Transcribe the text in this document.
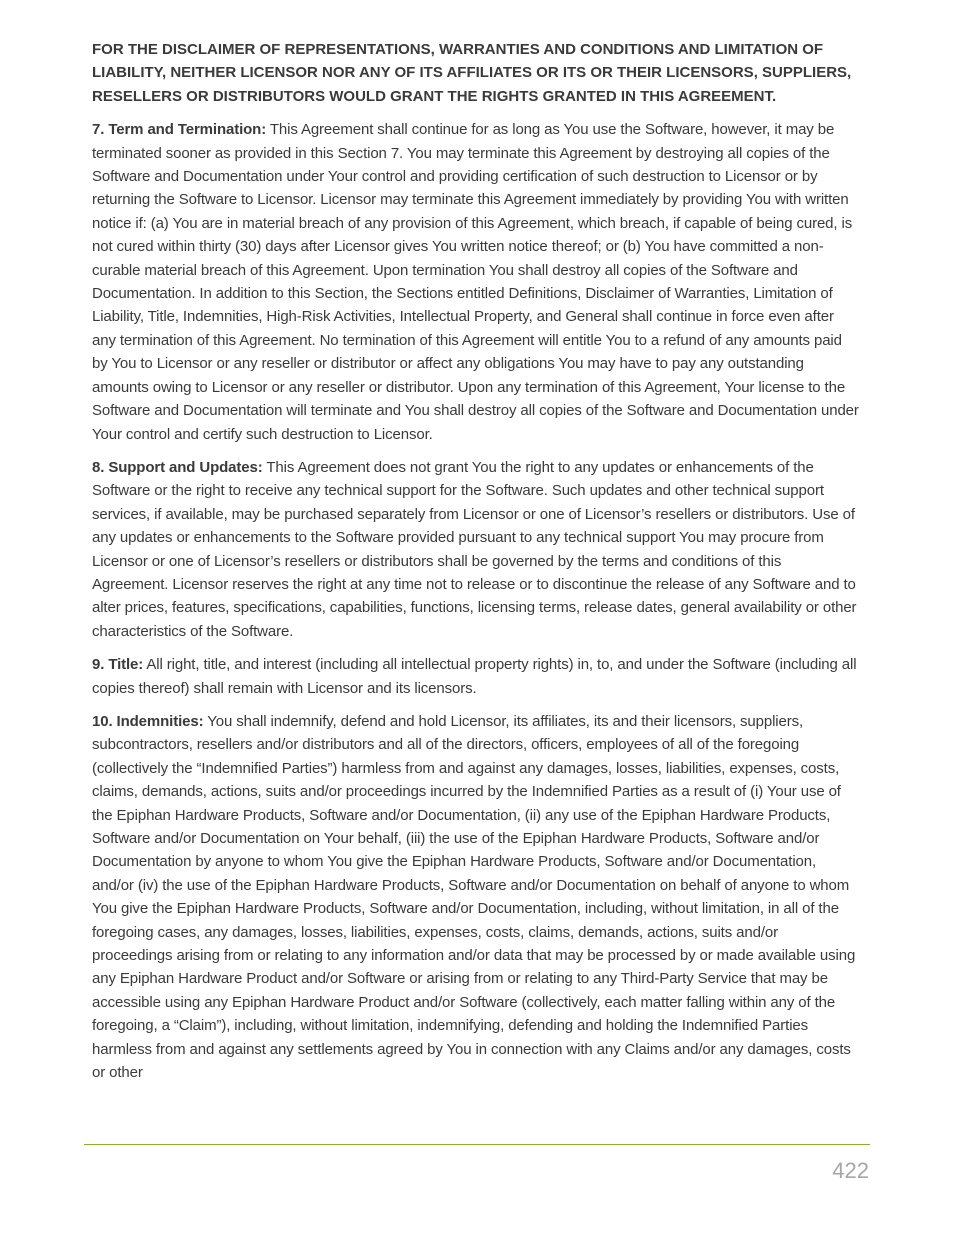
FOR THE DISCLAIMER OF REPRESENTATIONS, WARRANTIES AND CONDITIONS AND LIMITATION OF LIABILITY, NEITHER LICENSOR NOR ANY OF ITS AFFILIATES OR ITS OR THEIR LICENSORS, SUPPLIERS, RESELLERS OR DISTRIBUTORS WOULD GRANT THE RIGHTS GRANTED IN THIS AGREEMENT.

7. Term and Termination: This Agreement shall continue for as long as You use the Software, however, it may be terminated sooner as provided in this Section 7. You may terminate this Agreement by destroying all copies of the Software and Documentation under Your control and providing certification of such destruction to Licensor or by returning the Software to Licensor. Licensor may terminate this Agreement immediately by providing You with written notice if: (a) You are in material breach of any provision of this Agreement, which breach, if capable of being cured, is not cured within thirty (30) days after Licensor gives You written notice thereof; or (b) You have committed a non-curable material breach of this Agreement. Upon termination You shall destroy all copies of the Software and Documentation. In addition to this Section, the Sections entitled Definitions, Disclaimer of Warranties, Limitation of Liability, Title, Indemnities, High-Risk Activities, Intellectual Property, and General shall continue in force even after any termination of this Agreement. No termination of this Agreement will entitle You to a refund of any amounts paid by You to Licensor or any reseller or distributor or affect any obligations You may have to pay any outstanding amounts owing to Licensor or any reseller or distributor. Upon any termination of this Agreement, Your license to the Software and Documentation will terminate and You shall destroy all copies of the Software and Documentation under Your control and certify such destruction to Licensor.

8. Support and Updates: This Agreement does not grant You the right to any updates or enhancements of the Software or the right to receive any technical support for the Software. Such updates and other technical support services, if available, may be purchased separately from Licensor or one of Licensor’s resellers or distributors. Use of any updates or enhancements to the Software provided pursuant to any technical support You may procure from Licensor or one of Licensor’s resellers or distributors shall be governed by the terms and conditions of this Agreement. Licensor reserves the right at any time not to release or to discontinue the release of any Software and to alter prices, features, specifications, capabilities, functions, licensing terms, release dates, general availability or other characteristics of the Software.

9. Title: All right, title, and interest (including all intellectual property rights) in, to, and under the Software (including all copies thereof) shall remain with Licensor and its licensors.

10. Indemnities: You shall indemnify, defend and hold Licensor, its affiliates, its and their licensors, suppliers, subcontractors, resellers and/or distributors and all of the directors, officers, employees of all of the foregoing (collectively the “Indemnified Parties”) harmless from and against any damages, losses, liabilities, expenses, costs, claims, demands, actions, suits and/or proceedings incurred by the Indemnified Parties as a result of (i) Your use of the Epiphan Hardware Products, Software and/or Documentation, (ii) any use of the Epiphan Hardware Products, Software and/or Documentation on Your behalf, (iii) the use of the Epiphan Hardware Products, Software and/or Documentation by anyone to whom You give the Epiphan Hardware Products, Software and/or Documentation, and/or (iv) the use of the Epiphan Hardware Products, Software and/or Documentation on behalf of anyone to whom You give the Epiphan Hardware Products, Software and/or Documentation, including, without limitation, in all of the foregoing cases, any damages, losses, liabilities, expenses, costs, claims, demands, actions, suits and/or proceedings arising from or relating to any information and/or data that may be processed by or made available using any Epiphan Hardware Product and/or Software or arising from or relating to any Third-Party Service that may be accessible using any Epiphan Hardware Product and/or Software (collectively, each matter falling within any of the foregoing, a “Claim”), including, without limitation, indemnifying, defending and holding the Indemnified Parties harmless from and against any settlements agreed by You in connection with any Claims and/or any damages, costs or other

422
